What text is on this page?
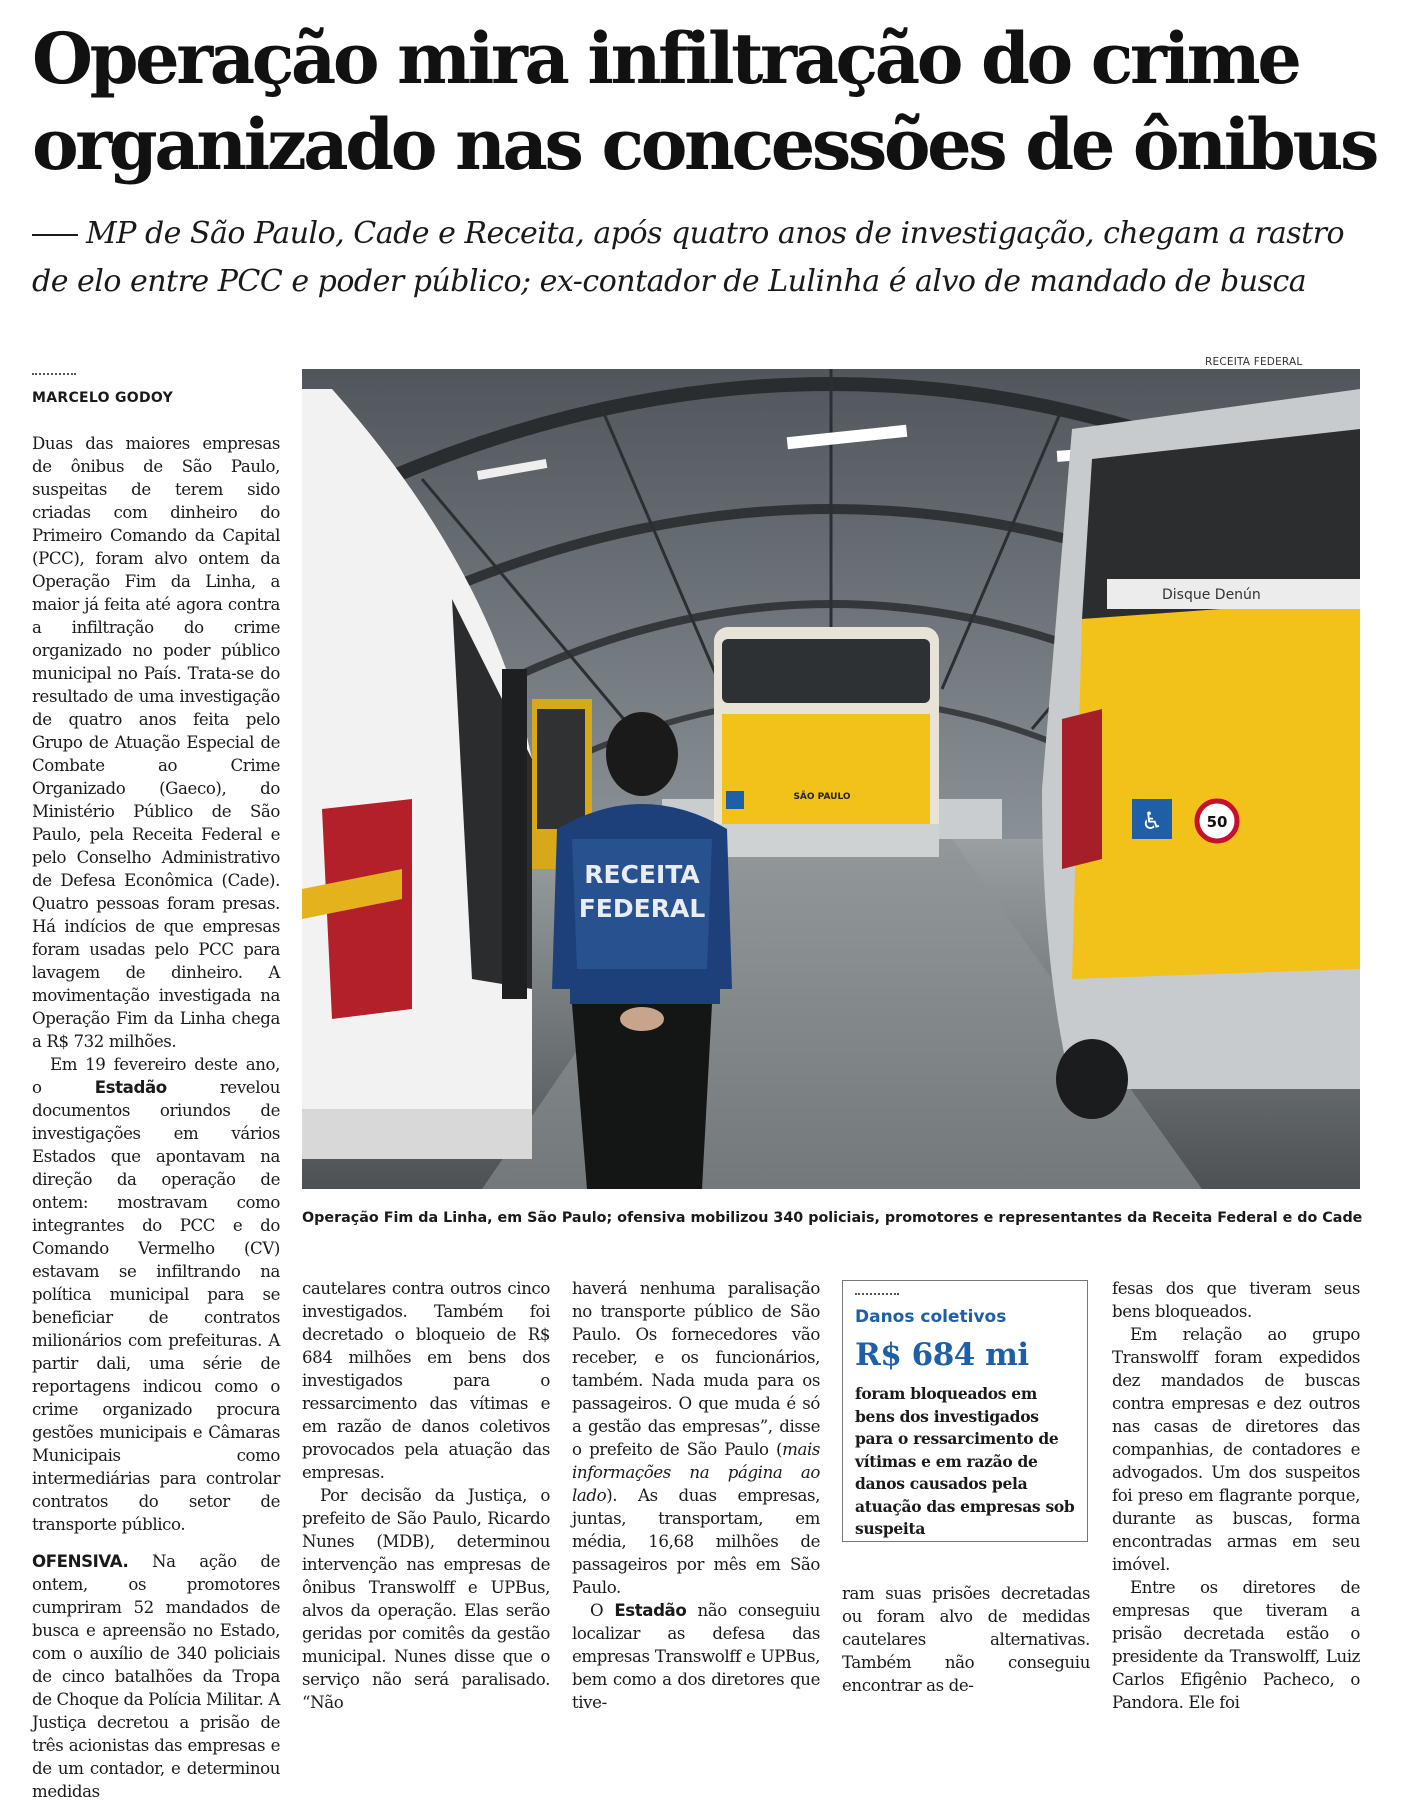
Operação mira infiltração do crime
organizado nas concessões de ônibus
MP de São Paulo, Cade e Receita, após quatro anos de investigação, chegam a rastro
de elo entre PCC e poder público; ex-contador de Lulinha é alvo de mandado de busca
MARCELO GODOY
RECEITA FEDERAL
SÃO PAULO
Disque Denún
♿	50
RECEITA
FEDERAL
Operação Fim da Linha, em São Paulo; ofensiva mobilizou 340 policiais, promotores e representantes da Receita Federal e do Cade

Duas das maiores empresas de ônibus de São Paulo, suspeitas de terem sido criadas com dinheiro do Primeiro Comando da Capital (PCC), foram alvo ontem da Operação Fim da Linha, a maior já feita até agora contra a infiltração do crime organizado no poder público municipal no País. Trata-se do resultado de uma investigação de quatro anos feita pelo Grupo de Atuação Especial de Combate ao Crime Organizado (Gaeco), do Ministério Público de São Paulo, pela Receita Federal e pelo Conselho Administrativo de Defesa Econômica (Cade). Quatro pessoas foram presas. Há indícios de que empresas foram usadas pelo PCC para lavagem de dinheiro. A movimentação investigada na Operação Fim da Linha chega a R$ 732 milhões.

Em 19 fevereiro deste ano, o Estadão revelou documentos oriundos de investigações em vários Estados que apontavam na direção da operação de ontem: mostravam como integrantes do PCC e do Comando Vermelho (CV) estavam se infiltrando na política municipal para se beneficiar de contratos milionários com prefeituras. A partir dali, uma série de reportagens indicou como o crime organizado procura gestões municipais e Câmaras Municipais como intermediárias para controlar contratos do setor de transporte público.

OFENSIVA. Na ação de ontem, os promotores cumpriram 52 mandados de busca e apreensão no Estado, com o auxílio de 340 policiais de cinco batalhões da Tropa de Choque da Polícia Militar. A Justiça decretou a prisão de três acionistas das empresas e de um contador, e determinou medidas

cautelares contra outros cinco investigados. Também foi decretado o bloqueio de R$ 684 milhões em bens dos investigados para o ressarcimento das vítimas e em razão de danos coletivos provocados pela atuação das empresas.

Por decisão da Justiça, o prefeito de São Paulo, Ricardo Nunes (MDB), determinou intervenção nas empresas de ônibus Transwolff e UPBus, alvos da operação. Elas serão geridas por comitês da gestão municipal. Nunes disse que o serviço não será paralisado. “Não

haverá nenhuma paralisação no transporte público de São Paulo. Os fornecedores vão receber, e os funcionários, também. Nada muda para os passageiros. O que muda é só a gestão das empresas”, disse o prefeito de São Paulo (mais informações na página ao lado). As duas empresas, juntas, transportam, em média, 16,68 milhões de passageiros por mês em São Paulo.

O Estadão não conseguiu localizar as defesa das empresas Transwolff e UPBus, bem como a dos diretores que tive-

Danos coletivos
R$ 684 mi
foram bloqueados em bens dos investigados para o ressarcimento de vítimas e em razão de danos causados pela atuação das empresas sob suspeita

ram suas prisões decretadas ou foram alvo de medidas cautelares alternativas. Também não conseguiu encontrar as de-

fesas dos que tiveram seus bens bloqueados.

Em relação ao grupo Transwolff foram expedidos dez mandados de buscas contra empresas e dez outros nas casas de diretores das companhias, de contadores e advogados. Um dos suspeitos foi preso em flagrante porque, durante as buscas, forma encontradas armas em seu imóvel.

Entre os diretores de empresas que tiveram a prisão decretada estão o presidente da Transwolff, Luiz Carlos Efigênio Pacheco, o Pandora. Ele foi
